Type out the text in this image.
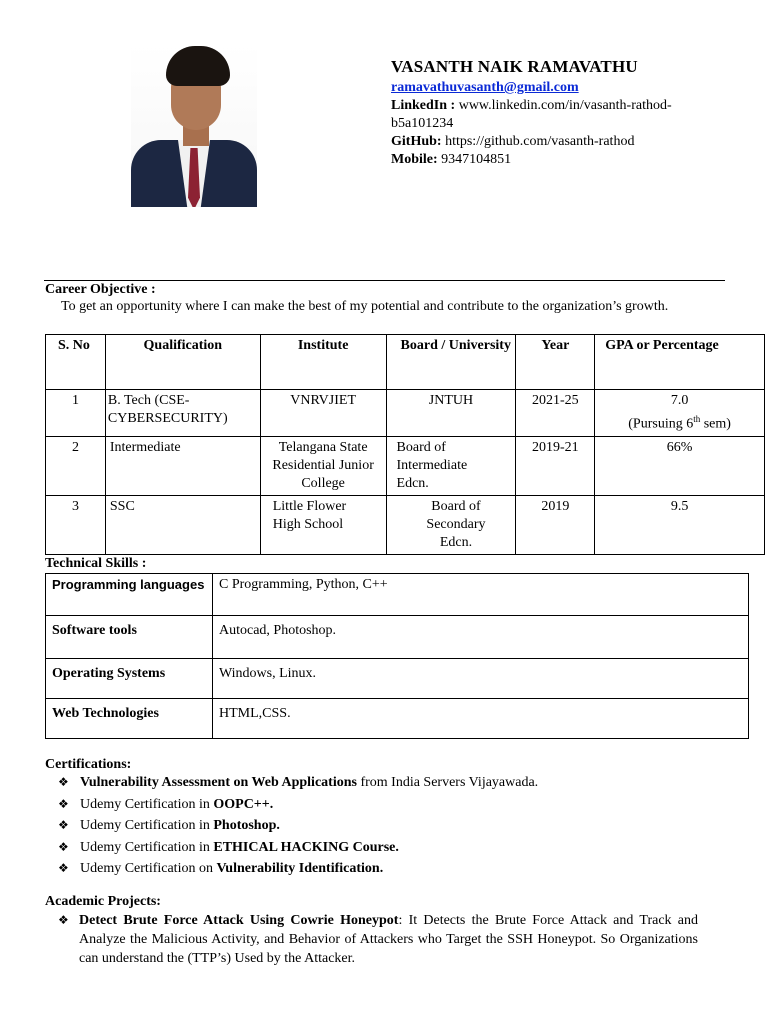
VASANTH NAIK RAMAVATHU
ramavathuvasanth@gmail.com
LinkedIn : www.linkedin.com/in/vasanth-rathod-b5a101234
GitHub: https://github.com/vasanth-rathod
Mobile: 9347104851
Career Objective :
To get an opportunity where I can make the best of my potential and contribute to the organization’s growth.
S. No	Qualification	Institute	Board / University	Year	GPA or Percentage
1	B. Tech (CSE-CYBERSECURITY)	VNRVJIET	JNTUH	2021-25	7.0
(Pursuing 6th sem)

2	Intermediate	Telangana State Residential Junior College	Board of Intermediate Edcn.	2019-21	66%
3	SSC	Little Flower High School	Board of Secondary Edcn.	2019	9.5
Technical Skills :
Programming languages	C Programming, Python, C++
Software tools	Autocad, Photoshop.
Operating Systems	Windows, Linux.
Web Technologies	HTML,CSS.
Certifications:
❖ Vulnerability Assessment on Web Applications from India Servers Vijayawada.
❖ Udemy Certification in OOPC++.
❖ Udemy Certification in Photoshop.
❖ Udemy Certification in ETHICAL HACKING Course.
❖ Udemy Certification on Vulnerability Identification.
Academic Projects:
❖ Detect Brute Force Attack Using Cowrie Honeypot: It Detects the Brute Force Attack and Track and Analyze the Malicious Activity, and Behavior of Attackers who Target the SSH Honeypot. So Organizations can understand the (TTP’s) Used by the Attacker.
